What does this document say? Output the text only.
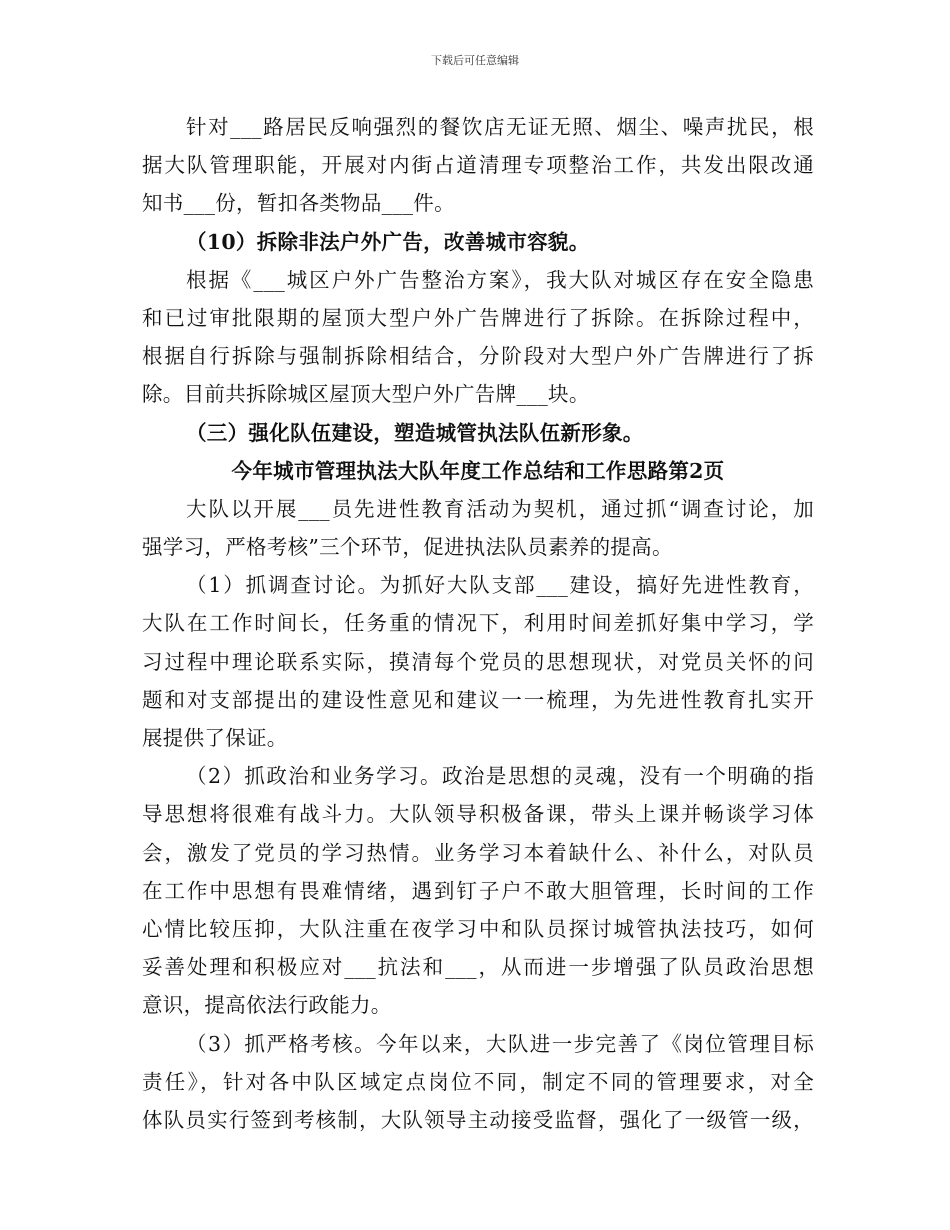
下载后可任意编辑
针对___路居民反响强烈的餐饮店无证无照、烟尘、噪声扰民，根
据大队管理职能，开展对内街占道清理专项整治工作，共发出限改通
知书___份，暂扣各类物品___件。
（10）拆除非法户外广告，改善城市容貌。
根据《___城区户外广告整治方案》，我大队对城区存在安全隐患
和已过审批限期的屋顶大型户外广告牌进行了拆除。在拆除过程中，
根据自行拆除与强制拆除相结合，分阶段对大型户外广告牌进行了拆
除。目前共拆除城区屋顶大型户外广告牌___块。
（三）强化队伍建设，塑造城管执法队伍新形象。
今年城市管理执法大队年度工作总结和工作思路第2页
大队以开展___员先进性教育活动为契机，通过抓“调查讨论，加
强学习，严格考核”三个环节，促进执法队员素养的提高。
（1）抓调查讨论。为抓好大队支部___建设，搞好先进性教育，
大队在工作时间长，任务重的情况下，利用时间差抓好集中学习，学
习过程中理论联系实际，摸清每个党员的思想现状，对党员关怀的问
题和对支部提出的建设性意见和建议一一梳理，为先进性教育扎实开
展提供了保证。
（2）抓政治和业务学习。政治是思想的灵魂，没有一个明确的指
导思想将很难有战斗力。大队领导积极备课，带头上课并畅谈学习体
会，激发了党员的学习热情。业务学习本着缺什么、补什么，对队员
在工作中思想有畏难情绪，遇到钉子户不敢大胆管理，长时间的工作
心情比较压抑，大队注重在夜学习中和队员探讨城管执法技巧，如何
妥善处理和积极应对___抗法和___，从而进一步增强了队员政治思想
意识，提高依法行政能力。
（3）抓严格考核。今年以来，大队进一步完善了《岗位管理目标
责任》，针对各中队区域定点岗位不同，制定不同的管理要求，对全
体队员实行签到考核制，大队领导主动接受监督，强化了一级管一级，
